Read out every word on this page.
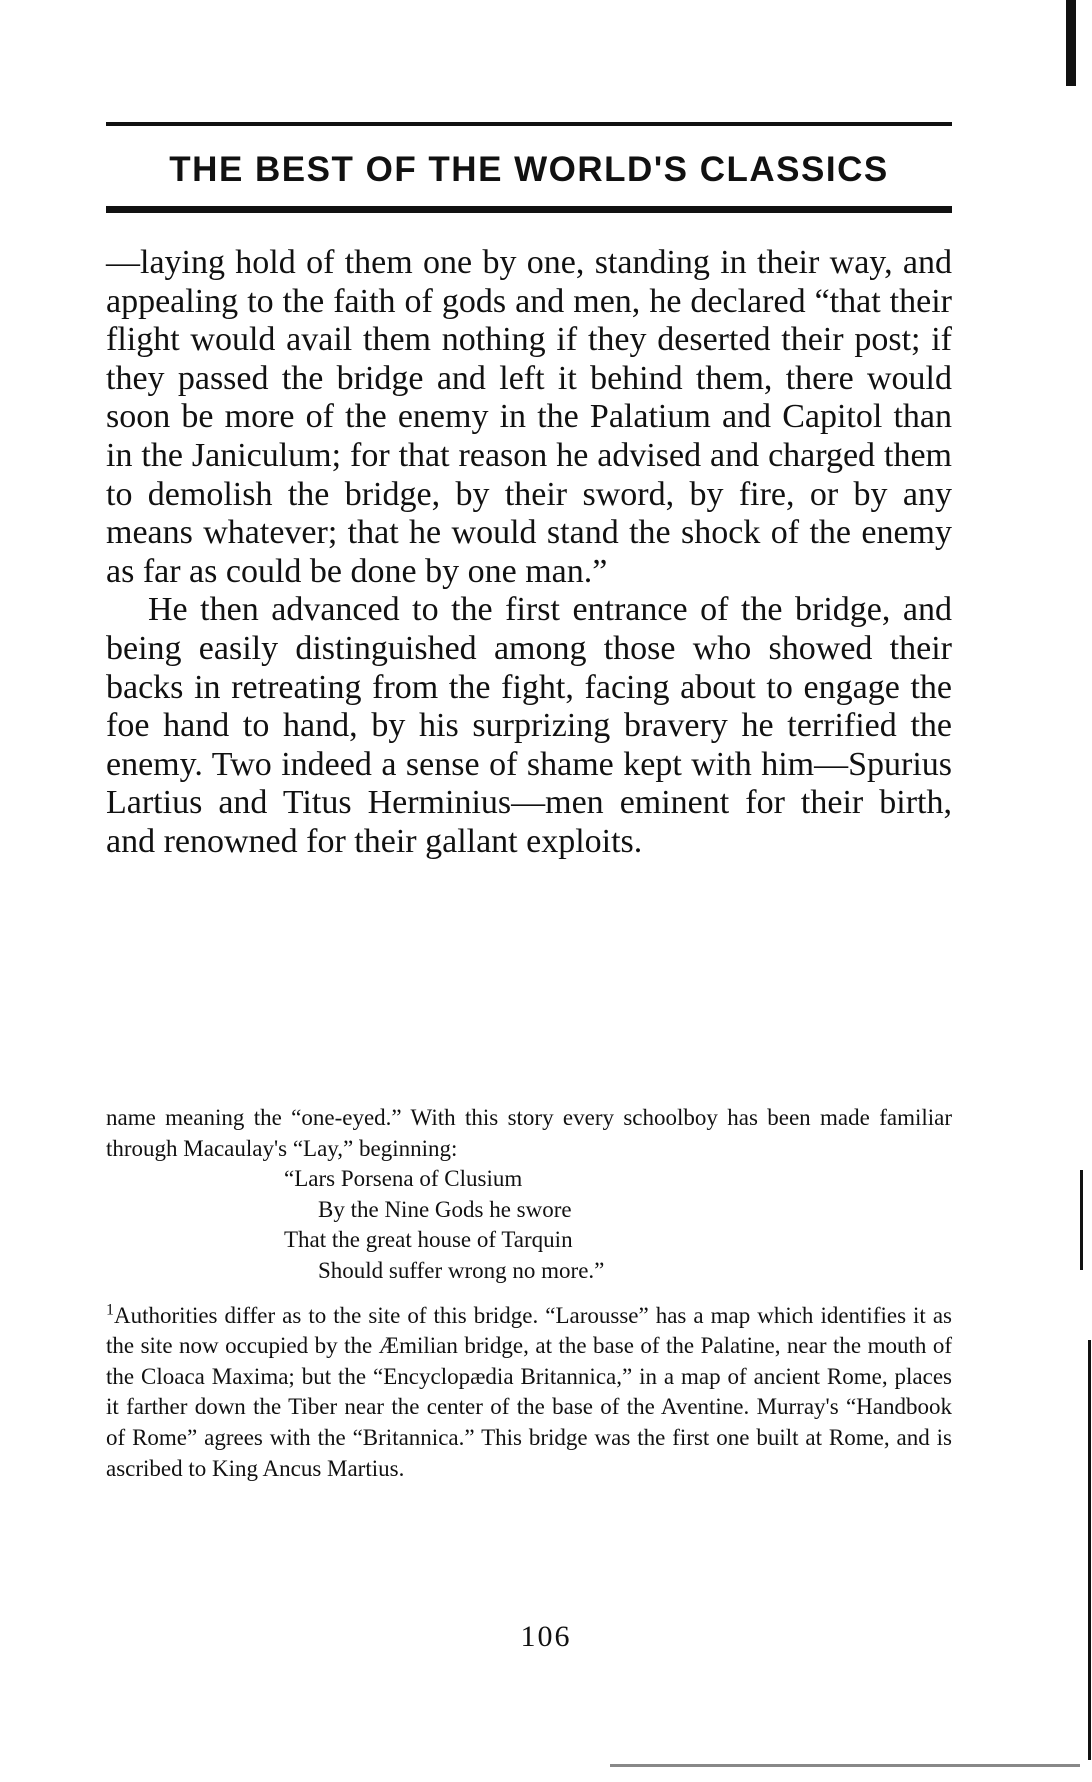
THE BEST OF THE WORLD'S CLASSICS

—laying hold of them one by one, standing in their way, and appealing to the faith of gods and men, he declared “that their flight would avail them nothing if they deserted their post; if they passed the bridge and left it behind them, there would soon be more of the enemy in the Palatium and Capitol than in the Janiculum; for that reason he advised and charged them to demolish the bridge, by their sword, by fire, or by any means whatever; that he would stand the shock of the enemy as far as could be done by one man.”

He then advanced to the first entrance of the bridge, and being easily distinguished among those who showed their backs in retreating from the fight, facing about to engage the foe hand to hand, by his surprizing bravery he terrified the enemy. Two indeed a sense of shame kept with him—Spurius Lartius and Titus Herminius—men eminent for their birth, and renowned for their gallant exploits.

name meaning the “one-eyed.” With this story every schoolboy has been made familiar through Macaulay's “Lay,” beginning:

“Lars Porsena of Clusium
By the Nine Gods he swore
That the great house of Tarquin
Should suffer wrong no more.”

$^1$Authorities differ as to the site of this bridge. “Larousse” has a map which identifies it as the site now occupied by the Æmilian bridge, at the base of the Palatine, near the mouth of the Cloaca Maxima; but the “Encyclopædia Britannica,” in a map of ancient Rome, places it farther down the Tiber near the center of the base of the Aventine. Murray's “Handbook of Rome” agrees with the “Britannica.” This bridge was the first one built at Rome, and is ascribed to King Ancus Martius.

106
